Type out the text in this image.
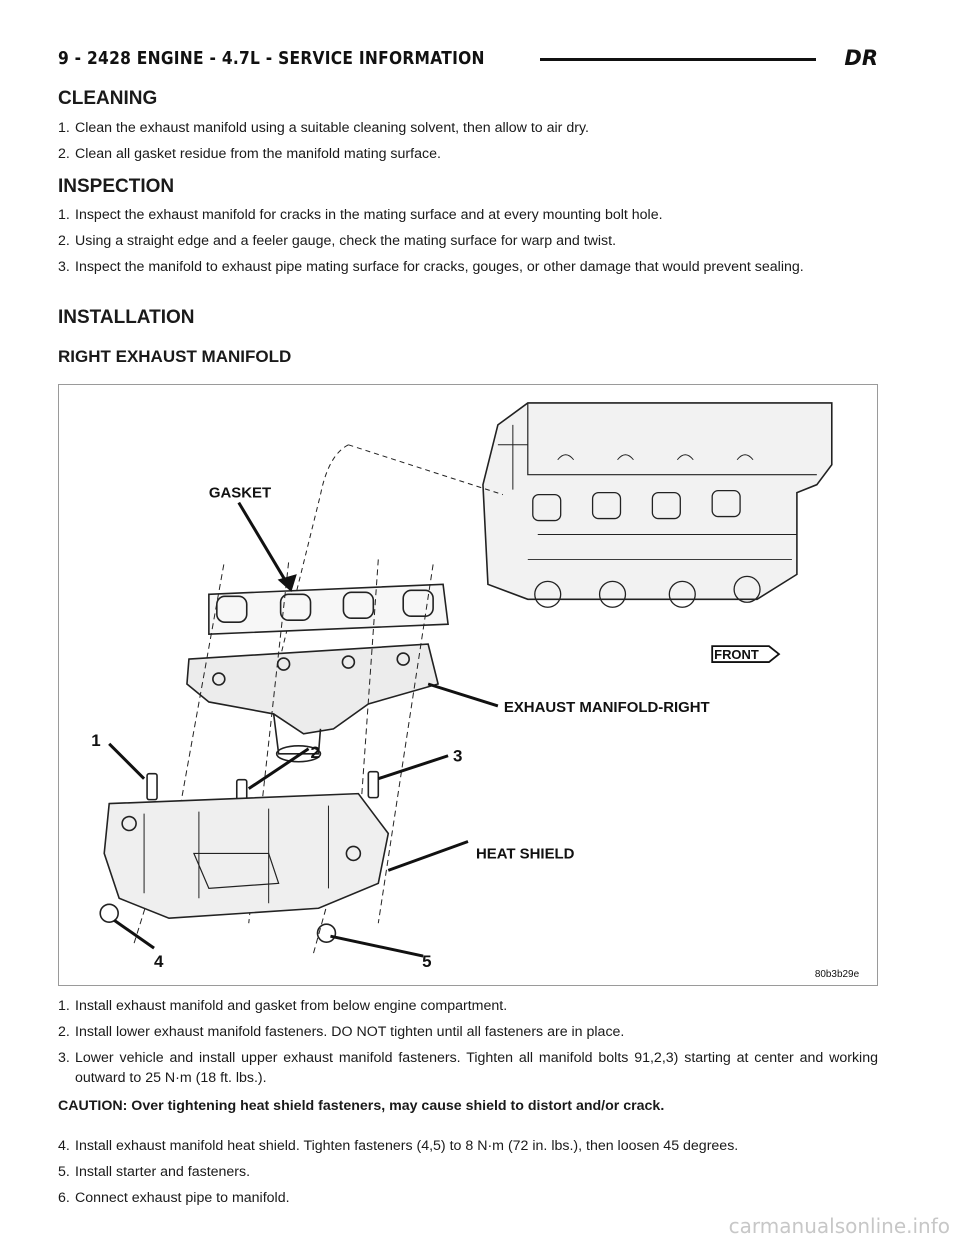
9 - 2428 ENGINE - 4.7L - SERVICE INFORMATION	DR
CLEANING
1. Clean the exhaust manifold using a suitable cleaning solvent, then allow to air dry.
2. Clean all gasket residue from the manifold mating surface.
INSPECTION
1. Inspect the exhaust manifold for cracks in the mating surface and at every mounting bolt hole.
2. Using a straight edge and a feeler gauge, check the mating surface for warp and twist.
3. Inspect the manifold to exhaust pipe mating surface for cracks, gouges, or other damage that would prevent sealing.
INSTALLATION
RIGHT EXHAUST MANIFOLD
GASKET
FRONT
EXHAUST MANIFOLD-RIGHT
HEAT SHIELD
1
2	3
4	5
80b3b29e
1. Install exhaust manifold and gasket from below engine compartment.
2. Install lower exhaust manifold fasteners. DO NOT tighten until all fasteners are in place.
3. Lower vehicle and install upper exhaust manifold fasteners. Tighten all manifold bolts 91,2,3) starting at center and working outward to 25 N·m (18 ft. lbs.).
CAUTION: Over tightening heat shield fasteners, may cause shield to distort and/or crack.
4. Install exhaust manifold heat shield. Tighten fasteners (4,5) to 8 N·m (72 in. lbs.), then loosen 45 degrees.
5. Install starter and fasteners.
6. Connect exhaust pipe to manifold.
carmanualsonline.info
